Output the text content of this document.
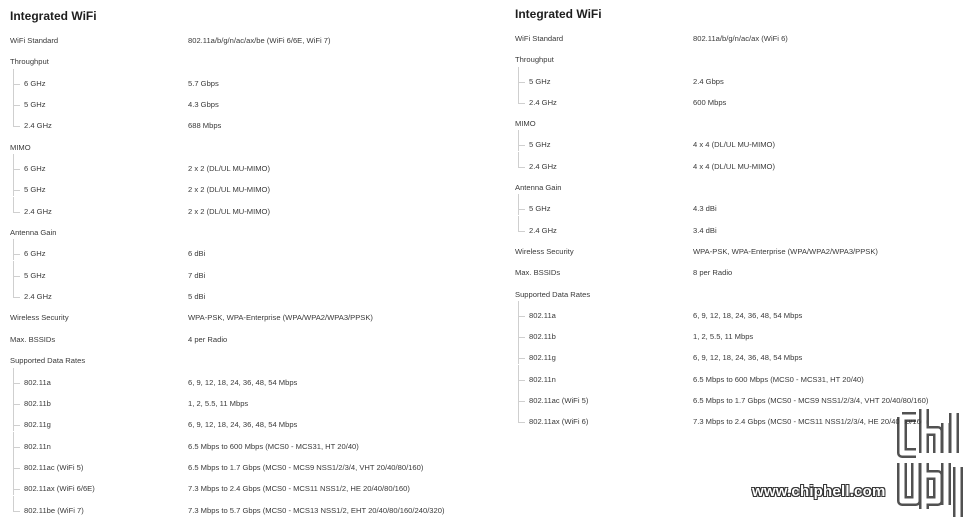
Integrated WiFi
WiFi Standard	802.11a/b/g/n/ac/ax/be (WiFi 6/6E, WiFi 7)
Throughput
6 GHz	5.7 Gbps
5 GHz	4.3 Gbps
2.4 GHz	688 Mbps
MIMO
6 GHz	2 x 2 (DL/UL MU-MIMO)
5 GHz	2 x 2 (DL/UL MU-MIMO)
2.4 GHz	2 x 2 (DL/UL MU-MIMO)
Antenna Gain
6 GHz	6 dBi
5 GHz	7 dBi
2.4 GHz	5 dBi
Wireless Security	WPA-PSK, WPA-Enterprise (WPA/WPA2/WPA3/PPSK)
Max. BSSIDs	4 per Radio
Supported Data Rates
802.11a	6, 9, 12, 18, 24, 36, 48, 54 Mbps
802.11b	1, 2, 5.5, 11 Mbps
802.11g	6, 9, 12, 18, 24, 36, 48, 54 Mbps
802.11n	6.5 Mbps to 600 Mbps (MCS0 - MCS31, HT 20/40)
802.11ac (WiFi 5)	6.5 Mbps to 1.7 Gbps (MCS0 - MCS9 NSS1/2/3/4, VHT 20/40/80/160)
802.11ax (WiFi 6/6E)	7.3 Mbps to 2.4 Gbps (MCS0 - MCS11 NSS1/2, HE 20/40/80/160)
802.11be (WiFi 7)	7.3 Mbps to 5.7 Gbps (MCS0 - MCS13 NSS1/2, EHT 20/40/80/160/240/320)
Integrated WiFi
WiFi Standard	802.11a/b/g/n/ac/ax (WiFi 6)
Throughput
5 GHz	2.4 Gbps
2.4 GHz	600 Mbps
MIMO
5 GHz	4 x 4 (DL/UL MU-MIMO)
2.4 GHz	4 x 4 (DL/UL MU-MIMO)
Antenna Gain
5 GHz	4.3 dBi
2.4 GHz	3.4 dBi
Wireless Security	WPA-PSK, WPA-Enterprise (WPA/WPA2/WPA3/PPSK)
Max. BSSIDs	8 per Radio
Supported Data Rates
802.11a	6, 9, 12, 18, 24, 36, 48, 54 Mbps
802.11b	1, 2, 5.5, 11 Mbps
802.11g	6, 9, 12, 18, 24, 36, 48, 54 Mbps
802.11n	6.5 Mbps to 600 Mbps (MCS0 - MCS31, HT 20/40)
802.11ac (WiFi 5)	6.5 Mbps to 1.7 Gbps (MCS0 - MCS9 NSS1/2/3/4, VHT 20/40/80/160)
802.11ax (WiFi 6)	7.3 Mbps to 2.4 Gbps (MCS0 - MCS11 NSS1/2/3/4, HE 20/40/80/160)
www.chiphell.com
